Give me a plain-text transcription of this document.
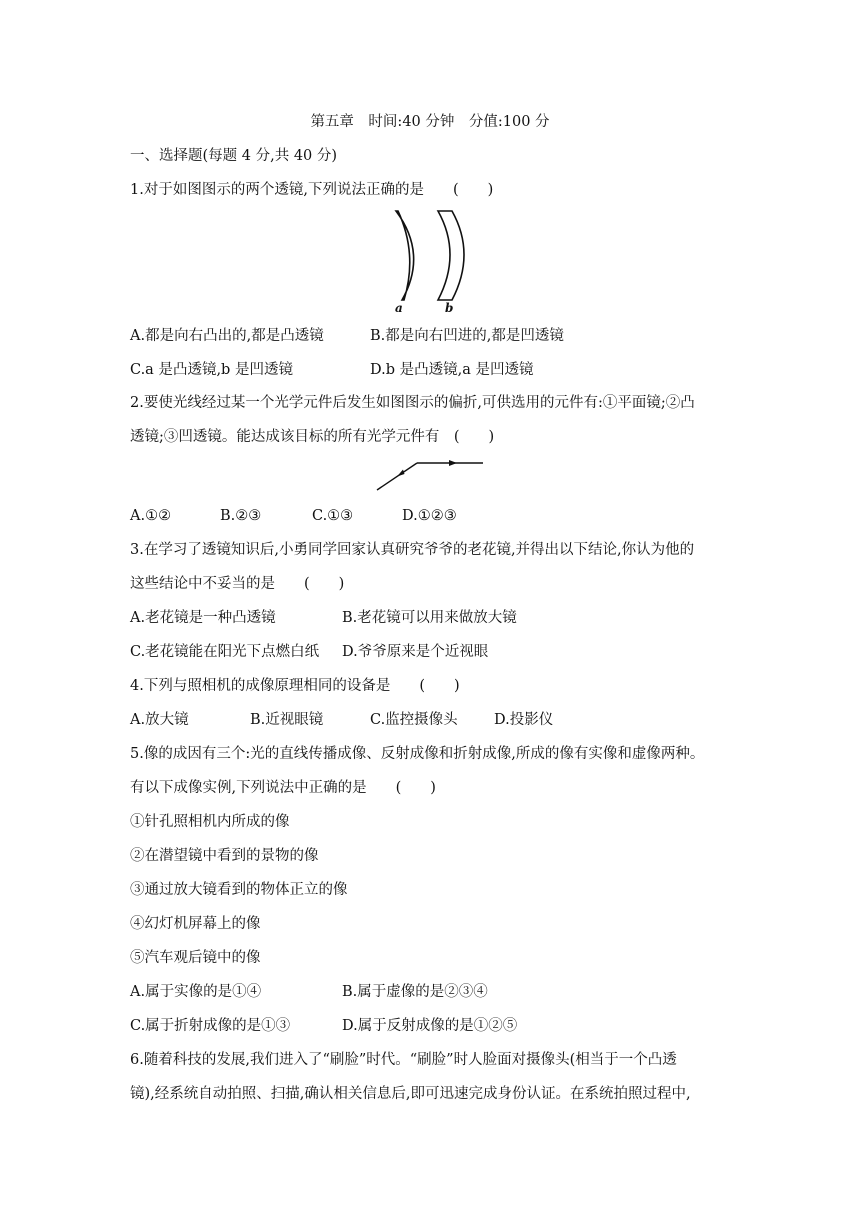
第五章　时间:40 分钟　分值:100 分
一、选择题(每题 4 分,共 40 分)
1.对于如图图示的两个透镜,下列说法正确的是　　(　　)
a	b
A.都是向右凸出的,都是凸透镜	B.都是向右凹进的,都是凹透镜
C.a 是凸透镜,b 是凹透镜	D.b 是凸透镜,a 是凹透镜
2.要使光线经过某一个光学元件后发生如图图示的偏折,可供选用的元件有:①平面镜;②凸
透镜;③凹透镜。能达成该目标的所有光学元件有　(　　)
A.①②	B.②③	C.①③	D.①②③
3.在学习了透镜知识后,小勇同学回家认真研究爷爷的老花镜,并得出以下结论,你认为他的
这些结论中不妥当的是　　(　　)
A.老花镜是一种凸透镜	B.老花镜可以用来做放大镜
C.老花镜能在阳光下点燃白纸 D.爷爷原来是个近视眼
4.下列与照相机的成像原理相同的设备是　　(　　)
A.放大镜	B.近视眼镜	C.监控摄像头	D.投影仪
5.像的成因有三个:光的直线传播成像、反射成像和折射成像,所成的像有实像和虚像两种。
有以下成像实例,下列说法中正确的是　　(　　)
①针孔照相机内所成的像
②在潜望镜中看到的景物的像
③通过放大镜看到的物体正立的像
④幻灯机屏幕上的像
⑤汽车观后镜中的像
A.属于实像的是①④	B.属于虚像的是②③④
C.属于折射成像的是①③	D.属于反射成像的是①②⑤
6.随着科技的发展,我们进入了“刷脸”时代。“刷脸”时人脸面对摄像头(相当于一个凸透
镜),经系统自动拍照、扫描,确认相关信息后,即可迅速完成身份认证。在系统拍照过程中,
